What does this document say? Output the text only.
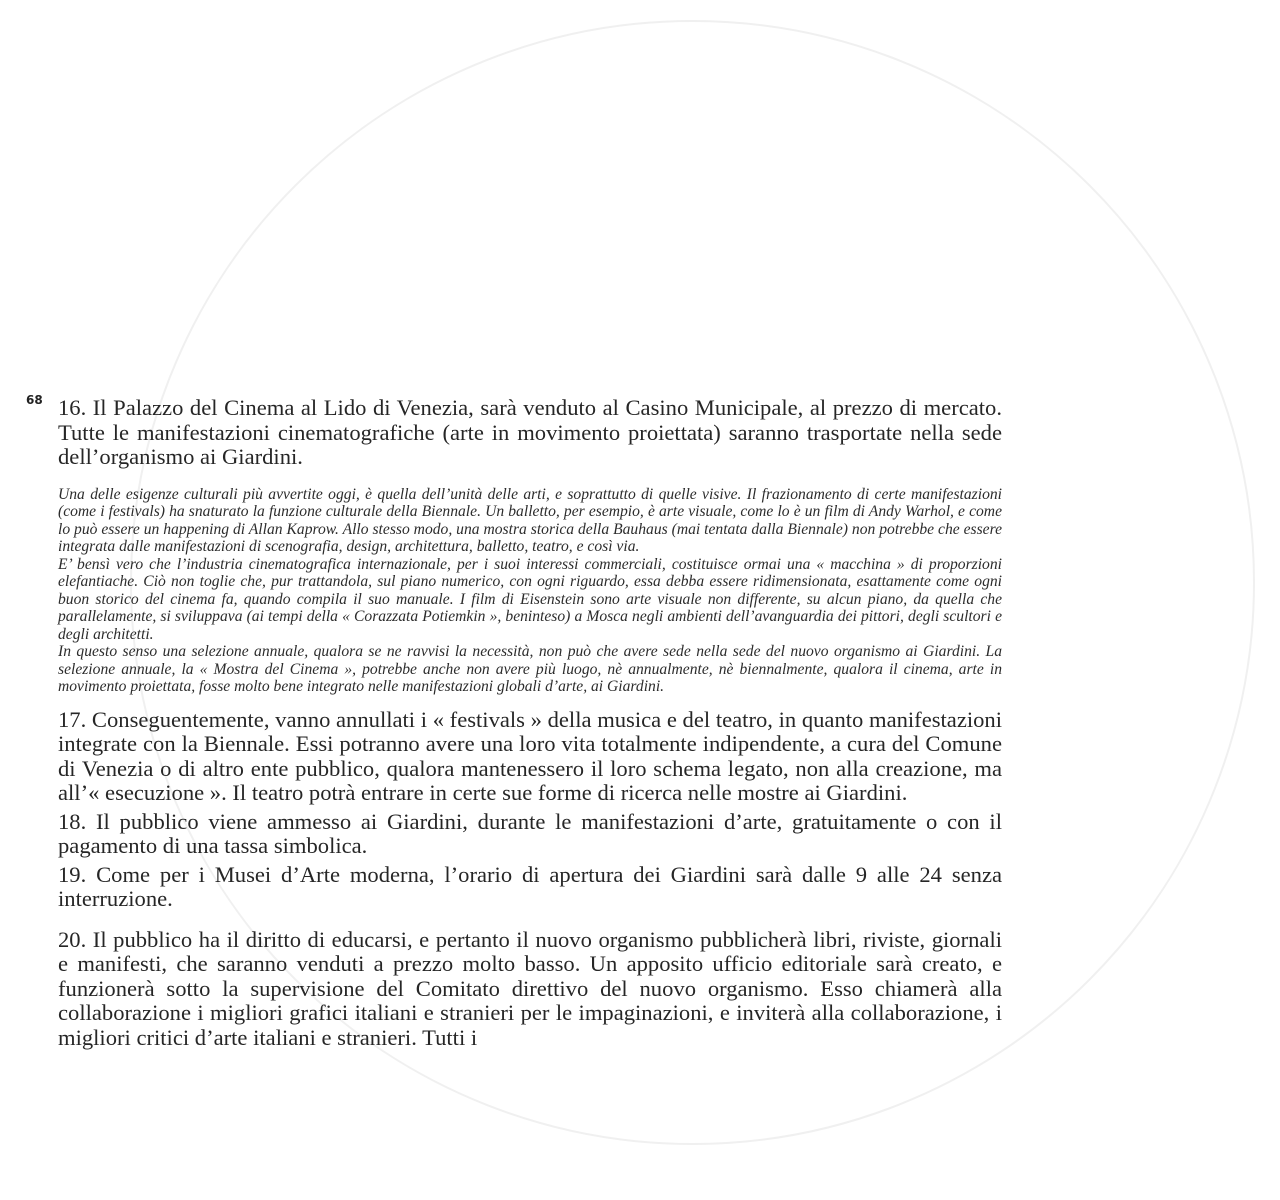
68 16. Il Palazzo del Cinema al Lido di Venezia, sarà venduto al Casino Municipale, al prezzo di mercato. Tutte le manifestazioni cinematografiche (arte in movimento proiettata) saranno trasportate nella sede dell’organismo ai Giardini.

Una delle esigenze culturali più avvertite oggi, è quella dell’unità delle arti, e soprattutto di quelle visive. Il frazionamento di certe manifestazioni (come i festivals) ha snaturato la funzione culturale della Biennale. Un balletto, per esempio, è arte visuale, come lo è un film di Andy Warhol, e come lo può essere un happening di Allan Kaprow. Allo stesso modo, una mostra storica della Bauhaus (mai tentata dalla Biennale) non potrebbe che essere integrata dalle manifestazioni di scenografia, design, architettura, balletto, teatro, e così via.

E’ bensì vero che l’industria cinematografica internazionale, per i suoi interessi commerciali, costituisce ormai una « macchina » di proporzioni elefantiache. Ciò non toglie che, pur trattandola, sul piano numerico, con ogni riguardo, essa debba essere ridimensionata, esattamente come ogni buon storico del cinema fa, quando compila il suo manuale. I film di Eisenstein sono arte visuale non differente, su alcun piano, da quella che parallelamente, si sviluppava (ai tempi della « Corazzata Potiemkin », beninteso) a Mosca negli ambienti dell’avanguardia dei pittori, degli scultori e degli architetti.

In questo senso una selezione annuale, qualora se ne ravvisi la necessità, non può che avere sede nella sede del nuovo organismo ai Giardini. La selezione annuale, la « Mostra del Cinema », potrebbe anche non avere più luogo, nè annualmente, nè biennalmente, qualora il cinema, arte in movimento proiettata, fosse molto bene integrato nelle manifestazioni globali d’arte, ai Giardini.

17. Conseguentemente, vanno annullati i « festivals » della musica e del teatro, in quanto manifestazioni integrate con la Biennale. Essi potranno avere una loro vita totalmente indipendente, a cura del Comune di Venezia o di altro ente pubblico, qualora mantenessero il loro schema legato, non alla creazione, ma all’« esecuzione ». Il teatro potrà entrare in certe sue forme di ricerca nelle mostre ai Giardini.

18. Il pubblico viene ammesso ai Giardini, durante le manifestazioni d’arte, gratuitamente o con il pagamento di una tassa simbolica.

19. Come per i Musei d’Arte moderna, l’orario di apertura dei Giardini sarà dalle 9 alle 24 senza interruzione.

20. Il pubblico ha il diritto di educarsi, e pertanto il nuovo organismo pubblicherà libri, riviste, giornali e manifesti, che saranno venduti a prezzo molto basso. Un apposito ufficio editoriale sarà creato, e funzionerà sotto la supervisione del Comitato direttivo del nuovo organismo. Esso chiamerà alla collaborazione i migliori grafici italiani e stranieri per le impaginazioni, e inviterà alla collaborazione, i migliori critici d’arte italiani e stranieri. Tutti i
